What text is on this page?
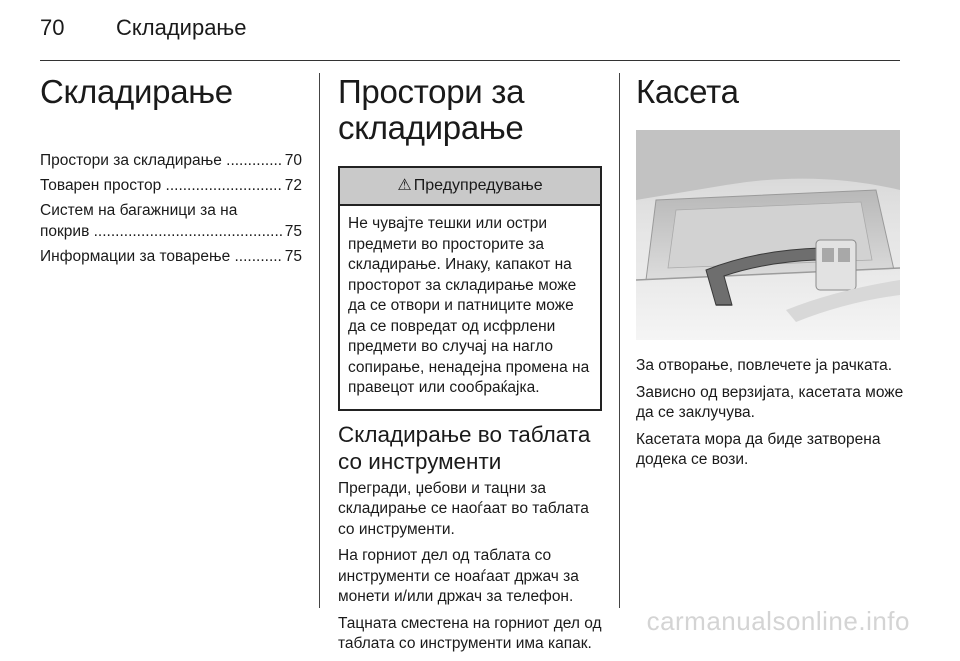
70 Складирање
Складирање
Простори за складирање .....	70
Товарен простор .....	72
Систем на багажници за на
покрив .....	75
Информации за товарење .....	75
Простори за складирање
⚠ Предупредување
Не чувајте тешки или остри предмети во просторите за складирање. Инаку, капакот на просторот за складирање може да се отвори и патниците може да се повредат од исфрлени предмети во случај на нагло сопирање, ненадејна промена на правецот или сообраќајка.
Складирање во таблата со инструменти

Прегради, џебови и тацни за складирање се наоѓаат во таблата со инструменти.

На горниот дел од таблата со инструменти се ноаѓаат држач за монети и/или држач за телефон.

Тацната сместена на горниот дел од таблата со инструменти има капак.

Касета

За отворање, повлечете ја рачката.

Зависно од верзијата, касетата може да се заклучува.

Касетата мора да биде затворена додека се вози.

carmanualsonline.info
